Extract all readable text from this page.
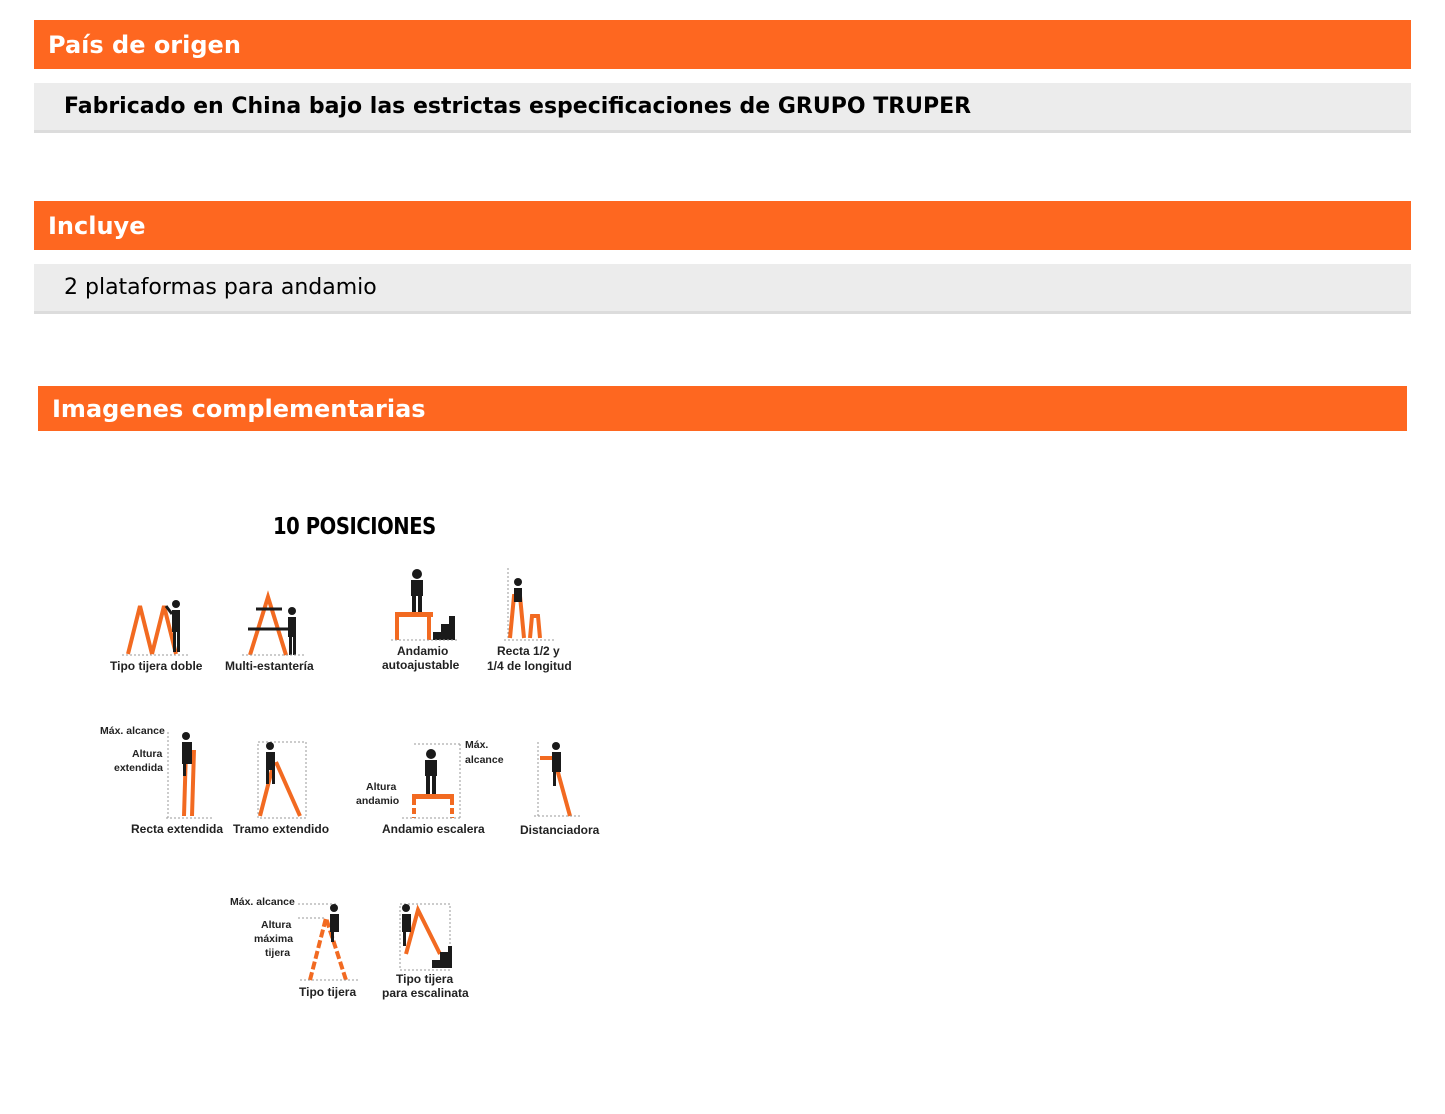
País de origen
Fabricado en China bajo las estrictas especificaciones de GRUPO TRUPER
Incluye
2 plataformas para andamio
Imagenes complementarias
10 POSICIONES
Tipo tijera doble Multi-estantería
Andamio
autoajustable
Recta 1/2 y
1/4 de longitud
Máx. alcance
Altura
extendida
Recta extendida Tramo extendido
Máx.
alcance
Altura
andamio
Andamio escalera	Distanciadora
Máx. alcance
Altura
máxima
tijera
Tipo tijera
Tipo tijera
para escalinata
